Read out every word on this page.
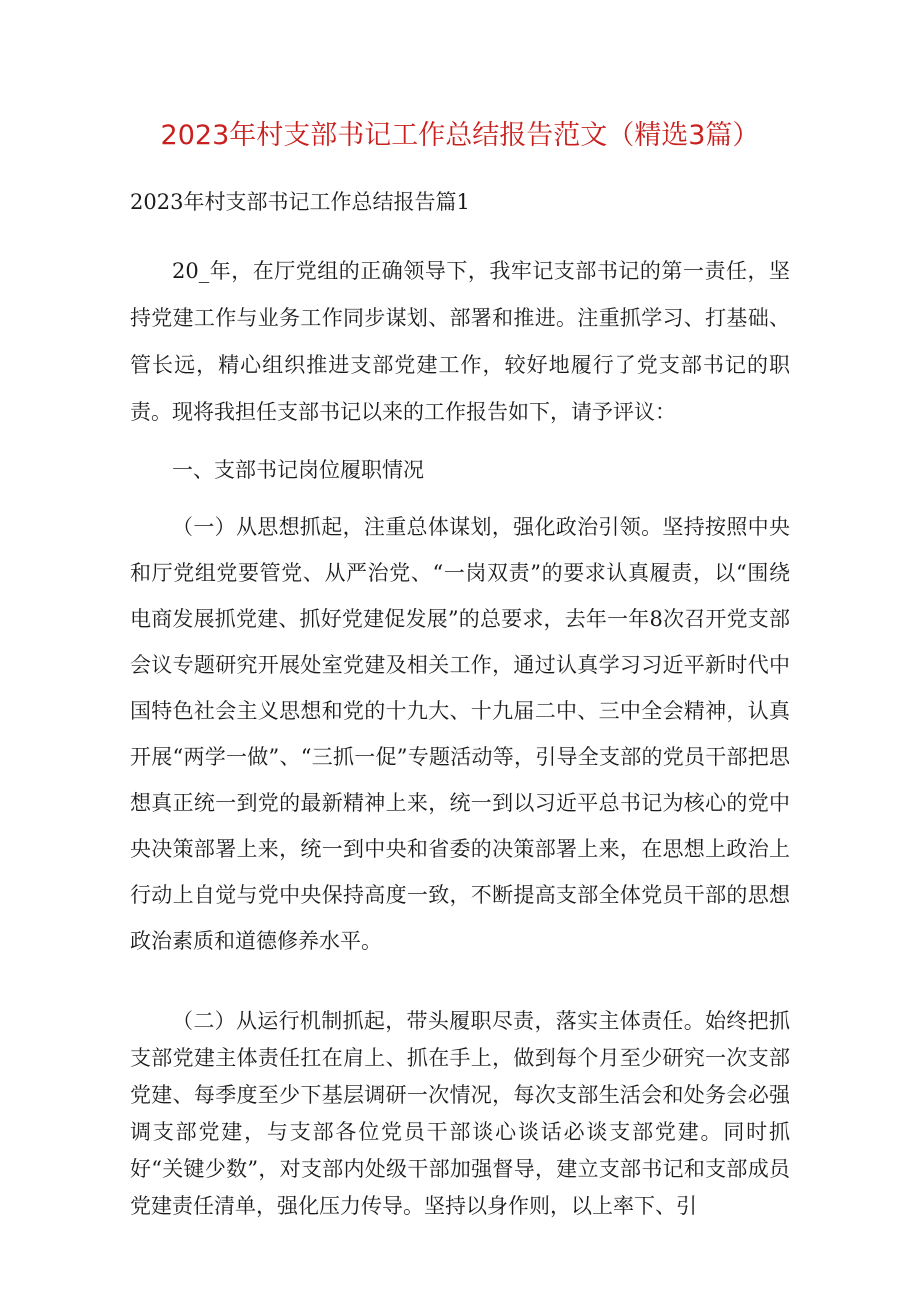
2023年村支部书记工作总结报告范文（精选3篇）
2023年村支部书记工作总结报告篇1

20_年，在厅党组的正确领导下，我牢记支部书记的第一责任，坚持党建工作与业务工作同步谋划、部署和推进。注重抓学习、打基础、管长远，精心组织推进支部党建工作，较好地履行了党支部书记的职责。现将我担任支部书记以来的工作报告如下，请予评议：

一、支部书记岗位履职情况

（一）从思想抓起，注重总体谋划，强化政治引领。坚持按照中央和厅党组党要管党、从严治党、“一岗双责”的要求认真履责，以“围绕电商发展抓党建、抓好党建促发展”的总要求，去年一年8次召开党支部会议专题研究开展处室党建及相关工作，通过认真学习习近平新时代中国特色社会主义思想和党的十九大、十九届二中、三中全会精神，认真开展“两学一做”、“三抓一促”专题活动等，引导全支部的党员干部把思想真正统一到党的最新精神上来，统一到以习近平总书记为核心的党中央决策部署上来，统一到中央和省委的决策部署上来，在思想上政治上行动上自觉与党中央保持高度一致，不断提高支部全体党员干部的思想政治素质和道德修养水平。

（二）从运行机制抓起，带头履职尽责，落实主体责任。始终把抓支部党建主体责任扛在肩上、抓在手上，做到每个月至少研究一次支部党建、每季度至少下基层调研一次情况，每次支部生活会和处务会必强调支部党建，与支部各位党员干部谈心谈话必谈支部党建。同时抓好“关键少数”，对支部内处级干部加强督导，建立支部书记和支部成员党建责任清单，强化压力传导。坚持以身作则，以上率下、引
